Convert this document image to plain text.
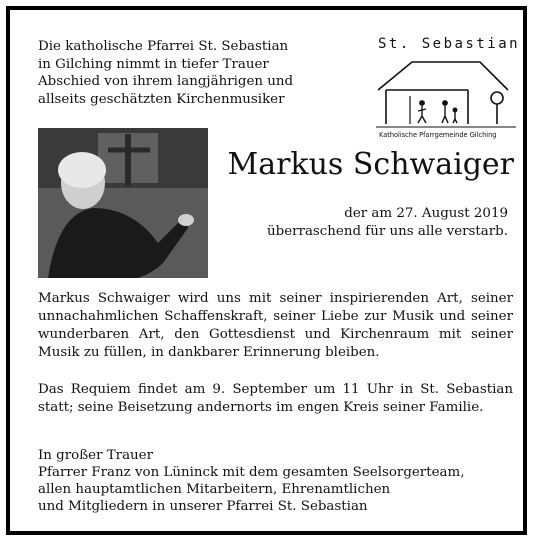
Die katholische Pfarrei St. Sebastian
in Gilching nimmt in tiefer Trauer
Abschied von ihrem langjährigen und
allseits geschätzten Kirchenmusiker

St. Sebastian
Katholische Pfarrgemeinde Gilching
Markus Schwaiger

der am 27. August 2019
überraschend für uns alle verstarb.

Markus Schwaiger wird uns mit seiner inspirierenden Art, seiner unnachahmlichen Schaffenskraft, seiner Liebe zur Musik und seiner wunderbaren Art, den Gottesdienst und Kirchenraum mit seiner Musik zu füllen, in dankbarer Erinnerung bleiben.

Das Requiem findet am 9. September um 11 Uhr in St. Sebastian statt; seine Beisetzung andernorts im engen Kreis seiner Familie.

In großer Trauer
Pfarrer Franz von Lüninck mit dem gesamten Seelsorgerteam,
allen hauptamtlichen Mitarbeitern, Ehrenamtlichen
und Mitgliedern in unserer Pfarrei St. Sebastian
